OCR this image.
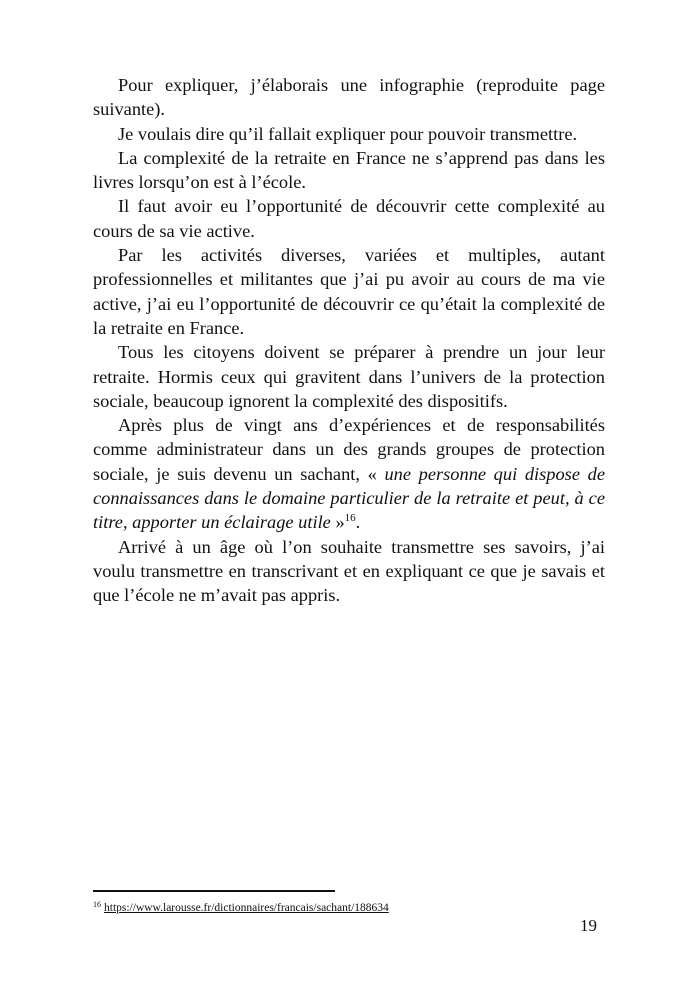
Pour expliquer, j’élaborais une infographie (reproduite page suivante).

Je voulais dire qu’il fallait expliquer pour pouvoir transmettre.

La complexité de la retraite en France ne s’apprend pas dans les livres lorsqu’on est à l’école.

Il faut avoir eu l’opportunité de découvrir cette complexité au cours de sa vie active.

Par les activités diverses, variées et multiples, autant professionnelles et militantes que j’ai pu avoir au cours de ma vie active, j’ai eu l’opportunité de découvrir ce qu’était la complexité de la retraite en France.

Tous les citoyens doivent se préparer à prendre un jour leur retraite. Hormis ceux qui gravitent dans l’univers de la protection sociale, beaucoup ignorent la complexité des dispositifs.

Après plus de vingt ans d’expériences et de responsabilités comme administrateur dans un des grands groupes de protection sociale, je suis devenu un sachant, « une personne qui dispose de connaissances dans le domaine particulier de la retraite et peut, à ce titre, apporter un éclairage utile »$^{16}$.

Arrivé à un âge où l’on souhaite transmettre ses savoirs, j’ai voulu transmettre en transcrivant et en expliquant ce que je savais et que l’école ne m’avait pas appris.

$^{16}$ https://www.larousse.fr/dictionnaires/francais/sachant/188634
19
